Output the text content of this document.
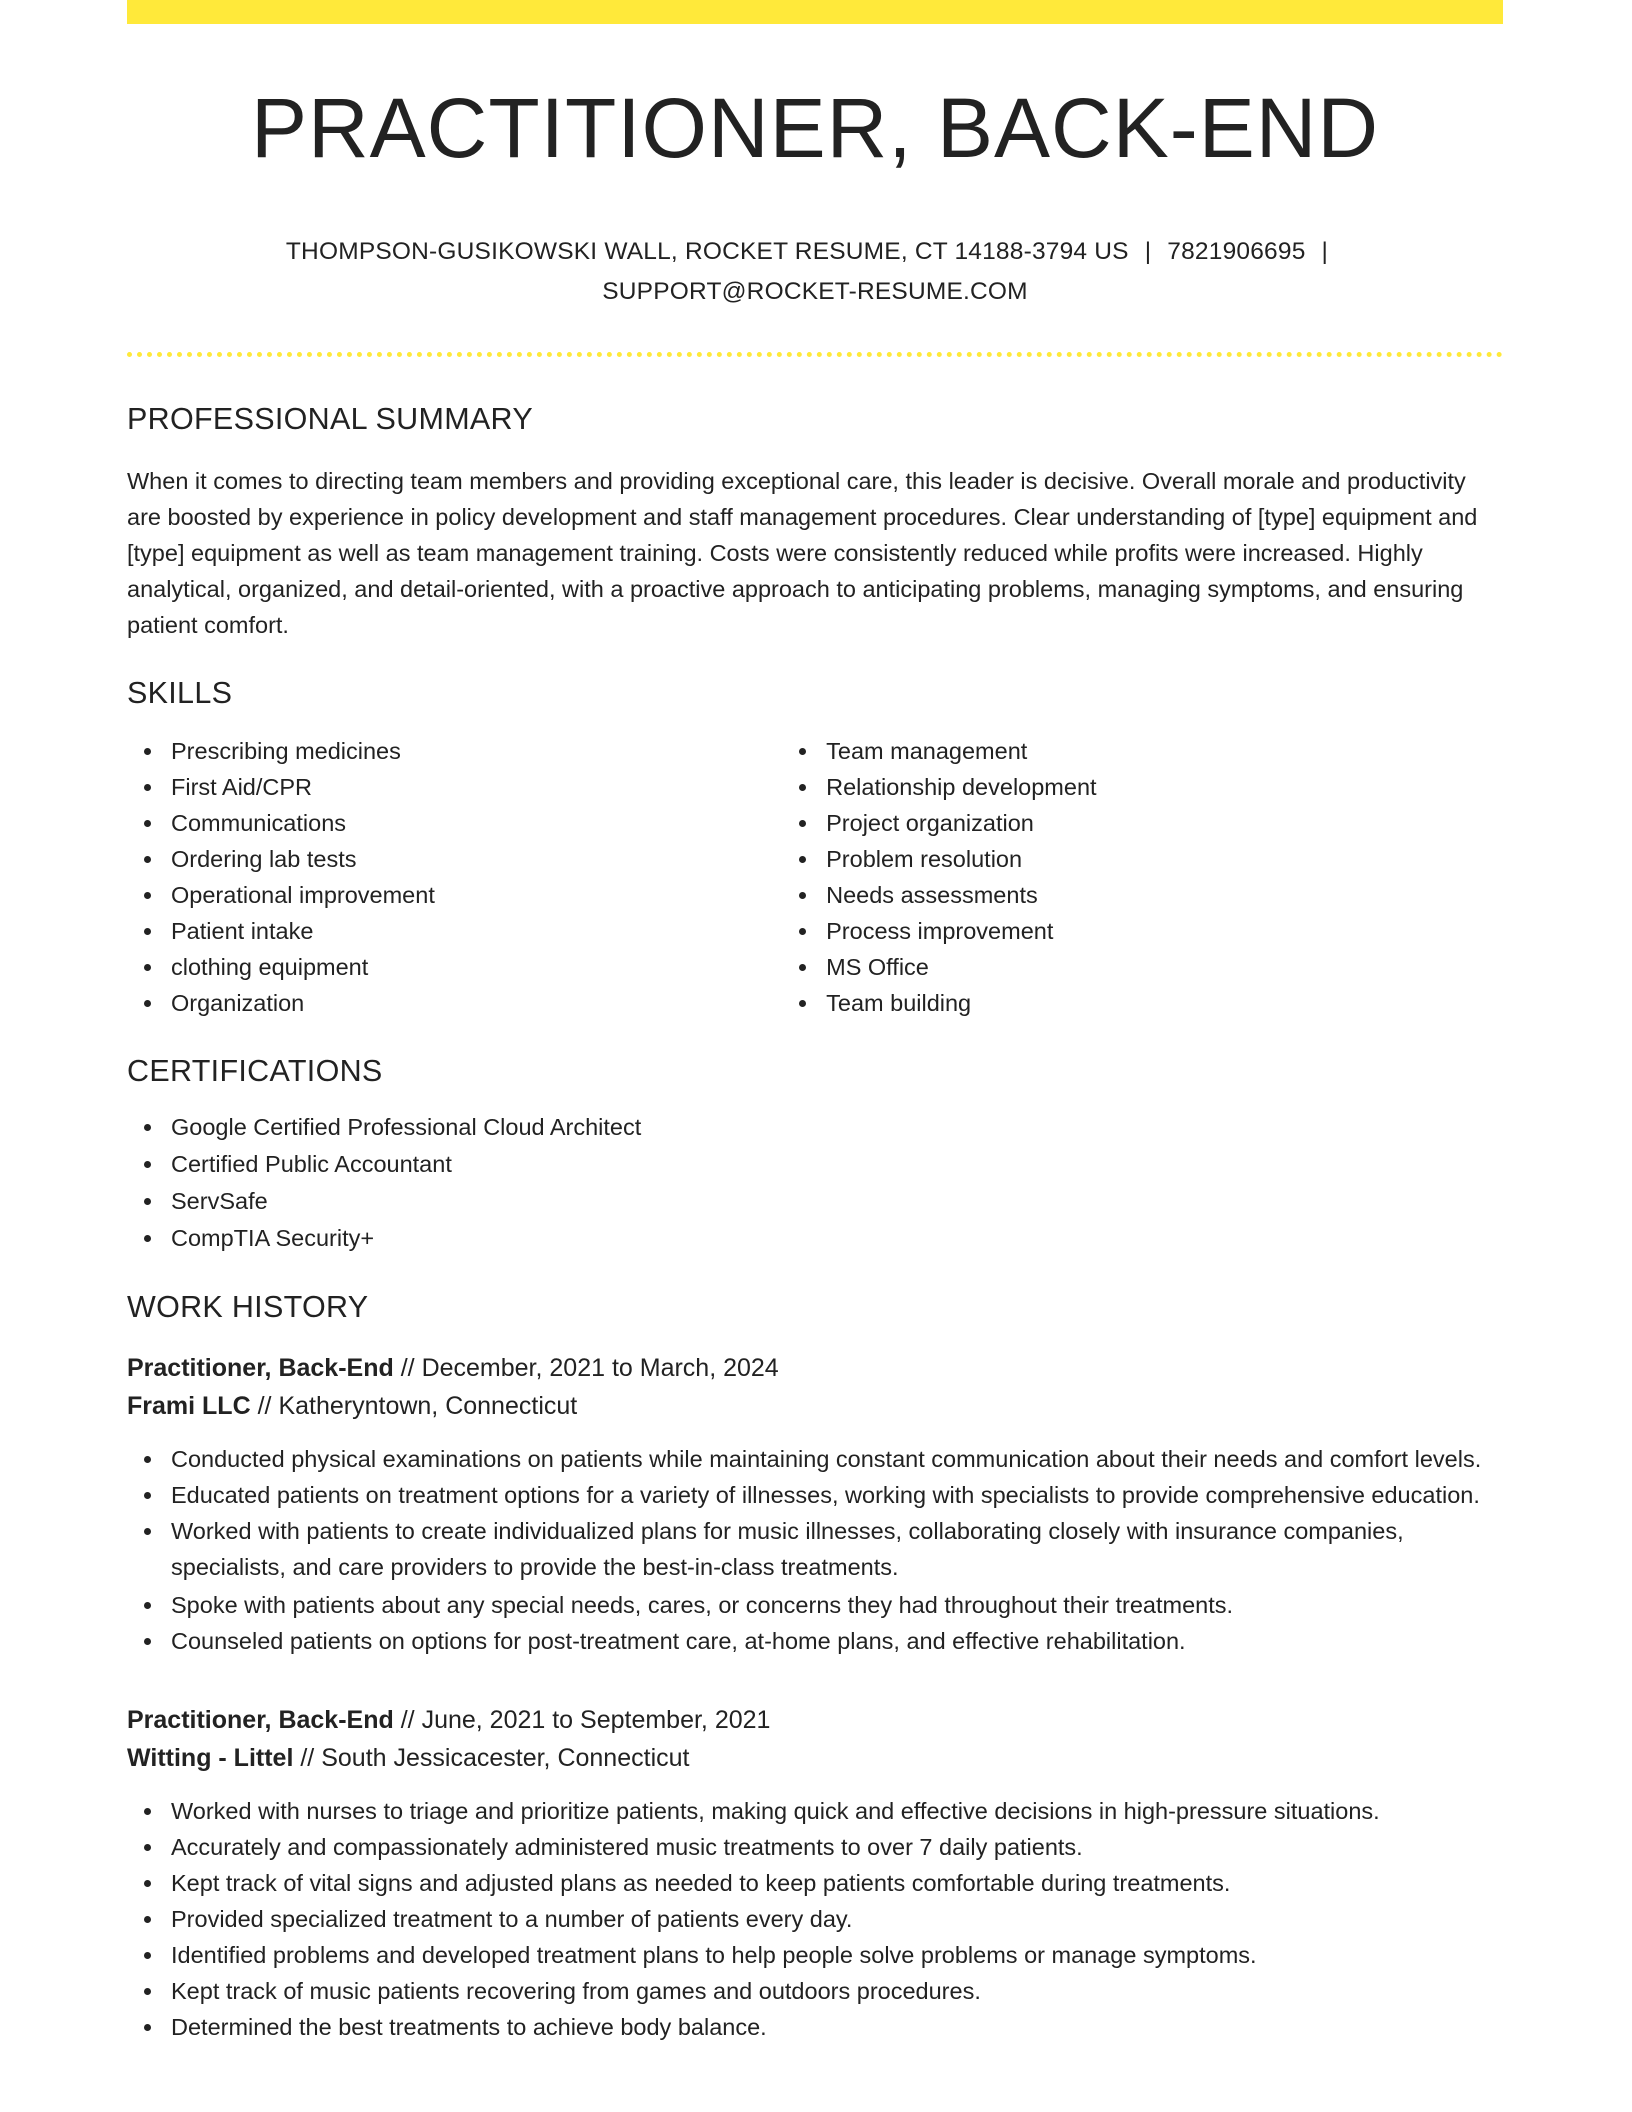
PRACTITIONER, BACK-END
THOMPSON-GUSIKOWSKI WALL, ROCKET RESUME, CT 14188-3794 US | 7821906695 |
SUPPORT@ROCKET-RESUME.COM
PROFESSIONAL SUMMARY

When it comes to directing team members and providing exceptional care, this leader is decisive. Overall morale and productivity are boosted by experience in policy development and staff management procedures. Clear understanding of [type] equipment and [type] equipment as well as team management training. Costs were consistently reduced while profits were increased. Highly analytical, organized, and detail-oriented, with a proactive approach to anticipating problems, managing symptoms, and ensuring patient comfort.

SKILLS
Prescribing medicines
First Aid/CPR
Communications
Ordering lab tests
Operational improvement
Patient intake
clothing equipment
Organization
Team management
Relationship development
Project organization
Problem resolution
Needs assessments
Process improvement
MS Office
Team building
CERTIFICATIONS
Google Certified Professional Cloud Architect
Certified Public Accountant
ServSafe
CompTIA Security+
WORK HISTORY
Practitioner, Back-End // December, 2021 to March, 2024
Frami LLC // Katheryntown, Connecticut
Conducted physical examinations on patients while maintaining constant communication about their needs and comfort levels.
Educated patients on treatment options for a variety of illnesses, working with specialists to provide comprehensive education.
Worked with patients to create individualized plans for music illnesses, collaborating closely with insurance companies, specialists, and care providers to provide the best-in-class treatments.
Spoke with patients about any special needs, cares, or concerns they had throughout their treatments.
Counseled patients on options for post-treatment care, at-home plans, and effective rehabilitation.
Practitioner, Back-End // June, 2021 to September, 2021
Witting - Littel // South Jessicacester, Connecticut
Worked with nurses to triage and prioritize patients, making quick and effective decisions in high-pressure situations.
Accurately and compassionately administered music treatments to over 7 daily patients.
Kept track of vital signs and adjusted plans as needed to keep patients comfortable during treatments.
Provided specialized treatment to a number of patients every day.
Identified problems and developed treatment plans to help people solve problems or manage symptoms.
Kept track of music patients recovering from games and outdoors procedures.
Determined the best treatments to achieve body balance.
